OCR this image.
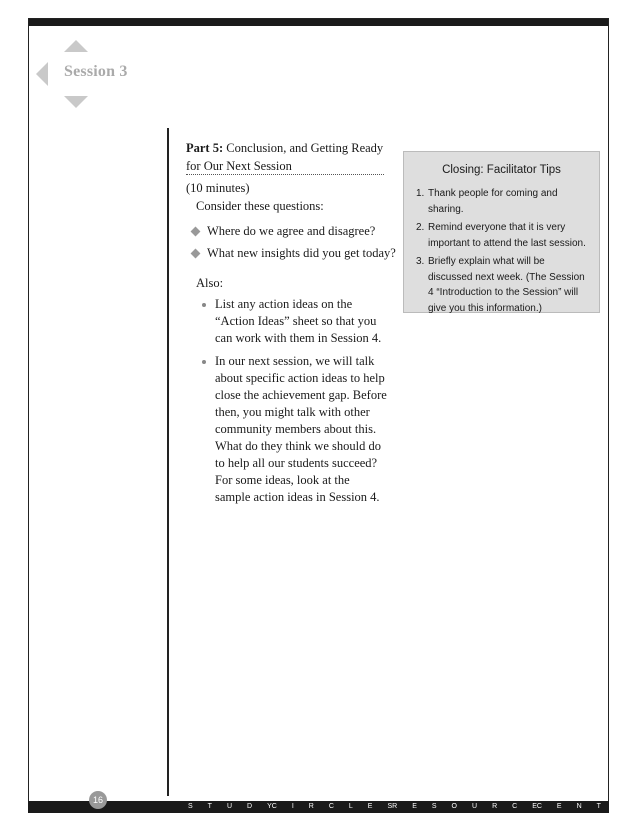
Session 3
Part 5: Conclusion, and Getting Ready for Our Next Session
(10 minutes)
Consider these questions:
Where do we agree and disagree?
What new insights did you get today?
Also:
List any action ideas on the “Action Ideas” sheet so that you can work with them in Session 4.
In our next session, we will talk about specific action ideas to help close the achievement gap. Before then, you might talk with other community members about this. What do they think we should do to help all our students succeed? For some ideas, look at the sample action ideas in Session 4.
Closing: Facilitator Tips
1. Thank people for coming and sharing.
2. Remind everyone that it is very important to attend the last session.
3. Briefly explain what will be discussed next week. (The Session 4 “Introduction to the Session” will give you this information.)
S T U D Y C I R C L E S R E S O U R C E C E N T E R
16
